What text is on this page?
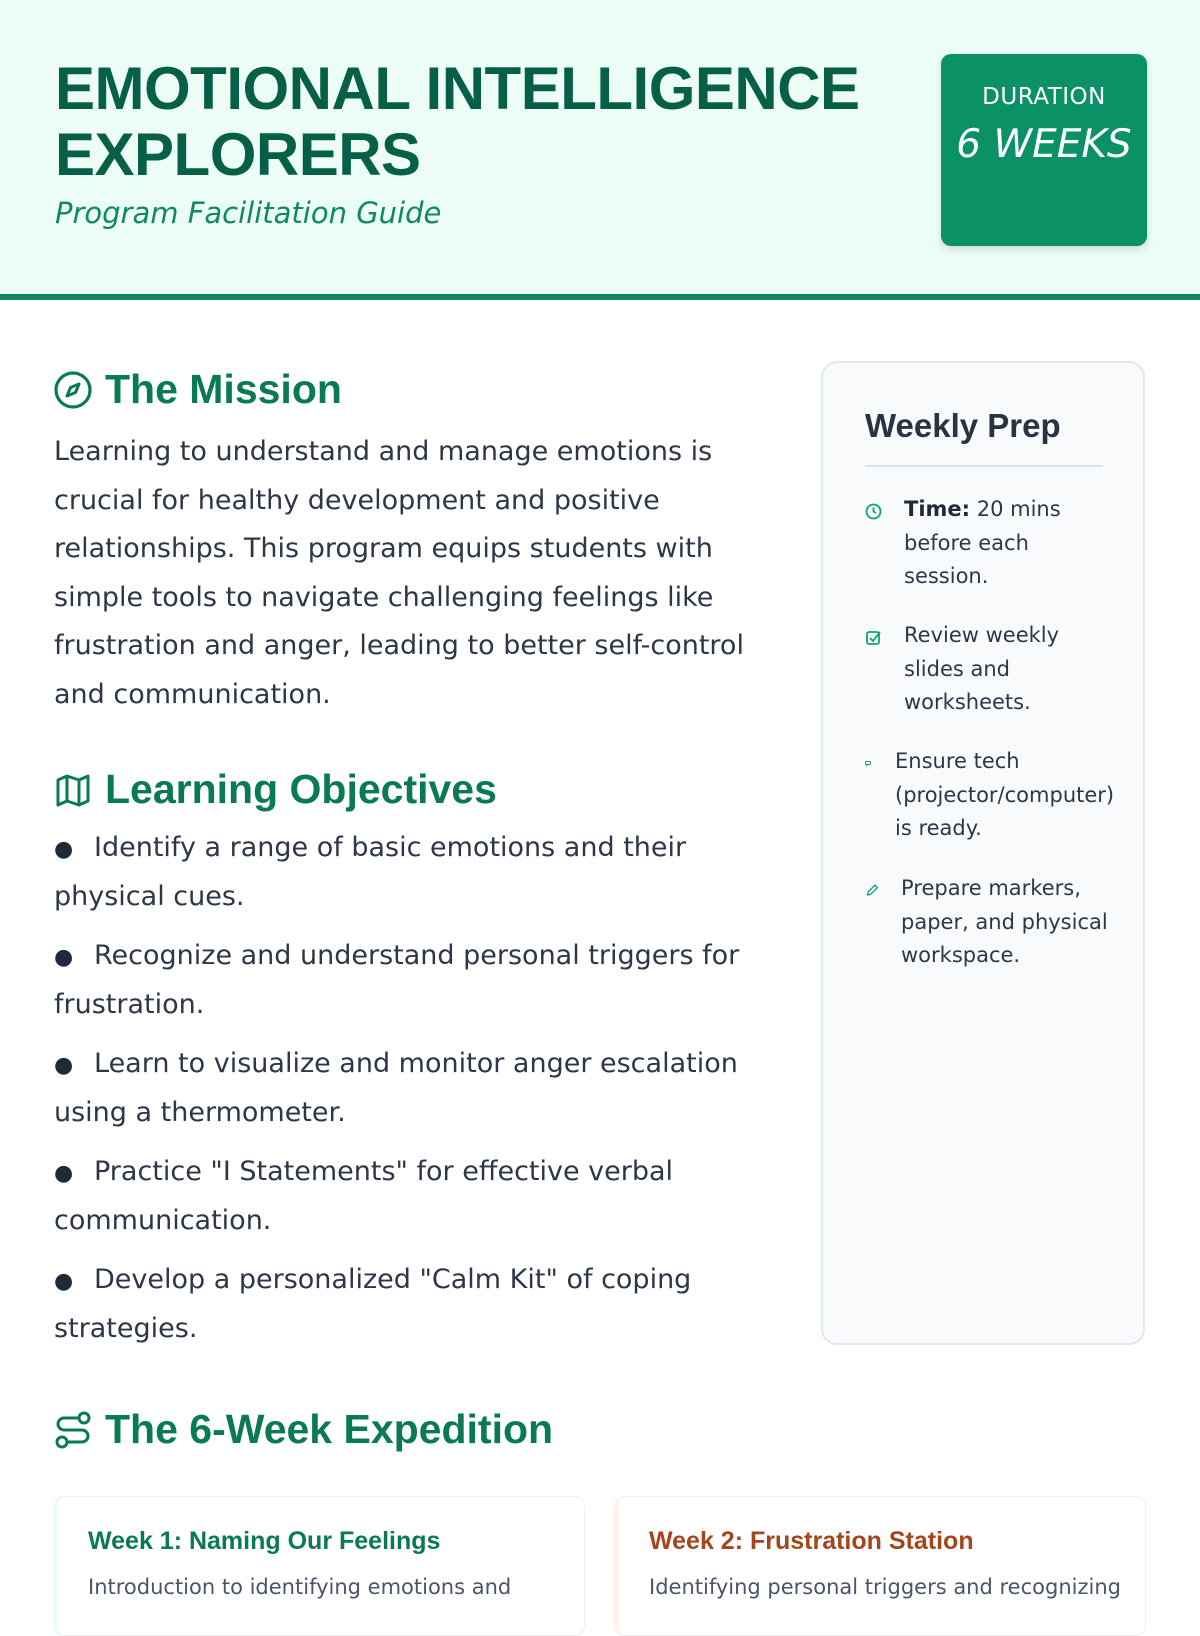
EMOTIONAL INTELLIGENCE EXPLORERS
Program Facilitation Guide
DURATION
6 WEEKS
The Mission
Learning to understand and manage emotions is crucial for healthy development and positive relationships. This program equips students with simple tools to navigate challenging feelings like frustration and anger, leading to better self-control and communication.
Learning Objectives
● Identify a range of basic emotions and their physical cues.
● Recognize and understand personal triggers for frustration.
● Learn to visualize and monitor anger escalation using a thermometer.
● Practice "I Statements" for effective verbal communication.
● Develop a personalized "Calm Kit" of coping strategies.
Weekly Prep
Time: 20 mins before each session.
Review weekly slides and worksheets.
Ensure tech (projector/computer) is ready.
Prepare markers, paper, and physical workspace.
The 6-Week Expedition
Week 1: Naming Our Feelings
Introduction to identifying emotions and
Week 2: Frustration Station
Identifying personal triggers and recognizing
